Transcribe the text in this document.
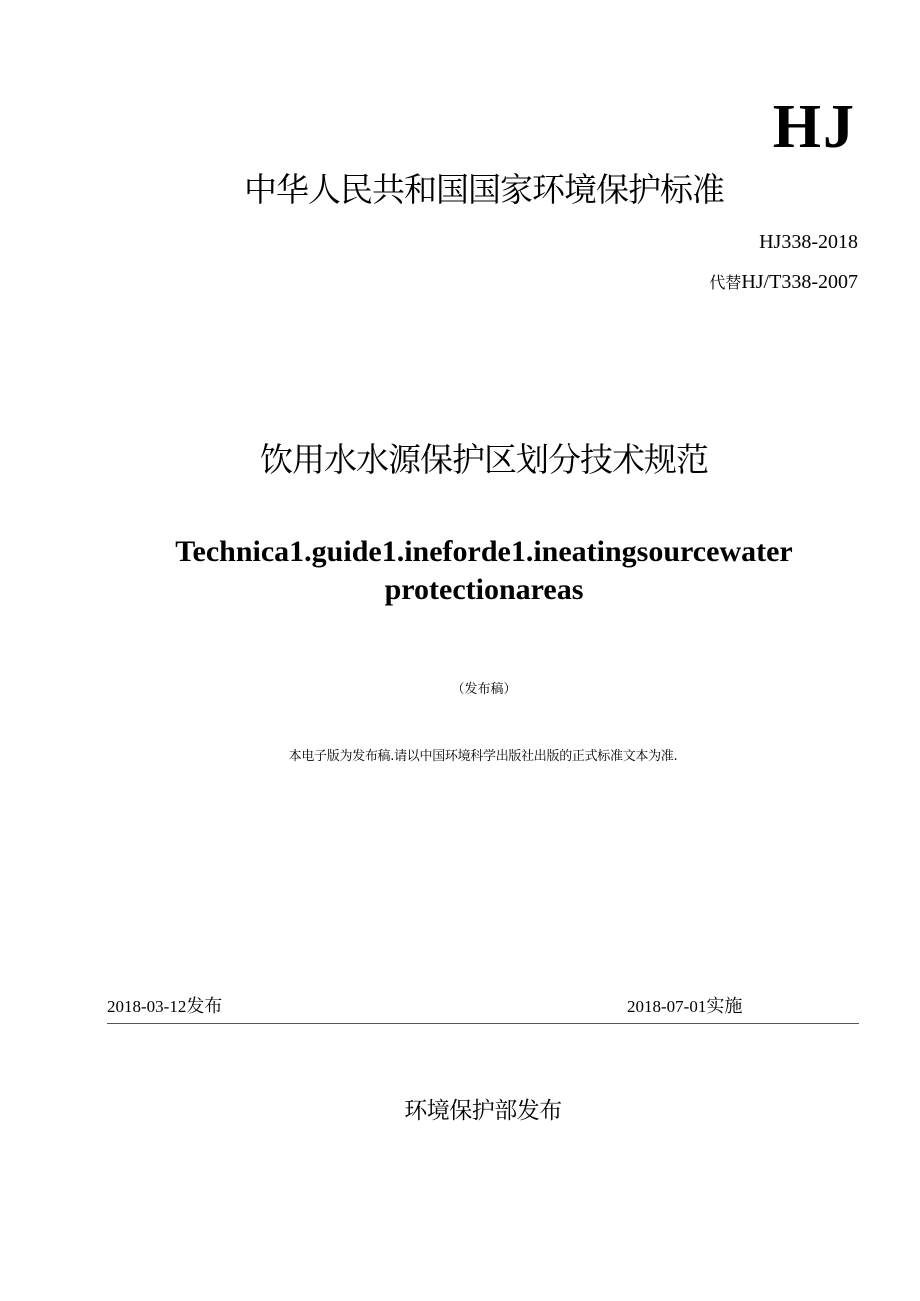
HJ
中华人民共和国国家环境保护标准
HJ338-2018
代替HJ/T338-2007
饮用水水源保护区划分技术规范
Technica1.guide1.inefordе1.ineatingsourcewater
protectionareas
（发布稿）
本电子版为发布稿.请以中国环境科学出版社出版的正式标准文本为准.
2018-03-12发布	2018-07-01实施
环境保护部发布
